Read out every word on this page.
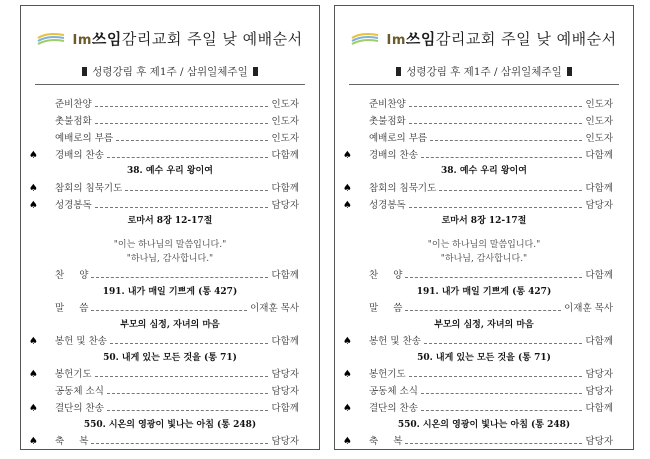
Im쓰임감리교회 주일 낮 예배순서
성령강림 후 제1주 / 삼위일체주일
준비찬양	인도자
촛불점화	인도자
예배로의 부름	인도자
♠	경배의 찬송	다함께
38. 예수 우리 왕이여
♠	참회의 침묵기도	다함께
♠	성경봉독	담당자
로마서 8장 12-17절
"이는 하나님의 말씀입니다."
"하나님, 감사합니다."
찬     양	다함께
191. 내가 매일 기쁘게 (통 427)
말     씀	이재훈 목사
부모의 심정, 자녀의 마음
♠	봉헌 및 찬송	다함께
50. 내게 있는 모든 것을 (통 71)
♠	봉헌기도	담당자
공동체 소식	담당자
♠	결단의 찬송	다함께
550. 시온의 영광이 빛나는 아침 (통 248)
♠	축     복	담당자
Im쓰임감리교회 주일 낮 예배순서
성령강림 후 제1주 / 삼위일체주일
준비찬양	인도자
촛불점화	인도자
예배로의 부름	인도자
♠	경배의 찬송	다함께
38. 예수 우리 왕이여
♠	참회의 침묵기도	다함께
♠	성경봉독	담당자
로마서 8장 12-17절
"이는 하나님의 말씀입니다."
"하나님, 감사합니다."
찬     양	다함께
191. 내가 매일 기쁘게 (통 427)
말     씀	이재훈 목사
부모의 심정, 자녀의 마음
♠	봉헌 및 찬송	다함께
50. 내게 있는 모든 것을 (통 71)
♠	봉헌기도	담당자
공동체 소식	담당자
♠	결단의 찬송	다함께
550. 시온의 영광이 빛나는 아침 (통 248)
♠	축     복	담당자
